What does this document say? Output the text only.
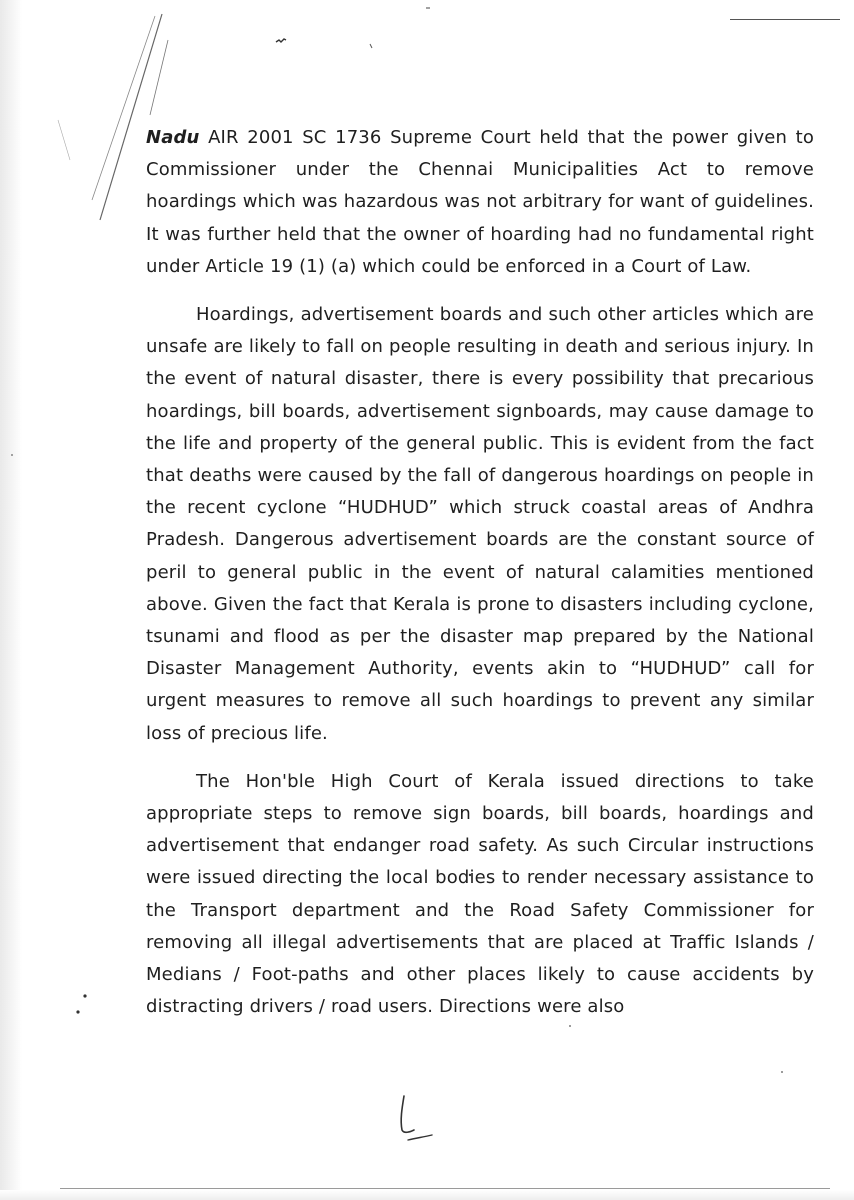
Nadu AIR 2001 SC 1736 Supreme Court held that the power given to Commissioner under the Chennai Municipalities Act to remove hoardings which was hazardous was not arbitrary for want of guidelines. It was further held that the owner of hoarding had no fundamental right under Article 19 (1) (a) which could be enforced in a Court of Law.

Hoardings, advertisement boards and such other articles which are unsafe are likely to fall on people resulting in death and serious injury. In the event of natural disaster, there is every possibility that precarious hoardings, bill boards, advertisement signboards, may cause damage to the life and property of the general public. This is evident from the fact that deaths were caused by the fall of dangerous hoardings on people in the recent cyclone “HUDHUD” which struck coastal areas of Andhra Pradesh. Dangerous advertisement boards are the constant source of peril to general public in the event of natural calamities mentioned above. Given the fact that Kerala is prone to disasters including cyclone, tsunami and flood as per the disaster map prepared by the National Disaster Management Authority, events akin to “HUDHUD” call for urgent measures to remove all such hoardings to prevent any similar loss of precious life.

The Hon'ble High Court of Kerala issued directions to take appropriate steps to remove sign boards, bill boards, hoardings and advertisement that endanger road safety. As such Circular instructions were issued directing the local bodies to render necessary assistance to the Transport department and the Road Safety Commissioner for removing all illegal advertisements that are placed at Traffic Islands / Medians / Foot-paths and other places likely to cause accidents by distracting drivers / road users. Directions were also
